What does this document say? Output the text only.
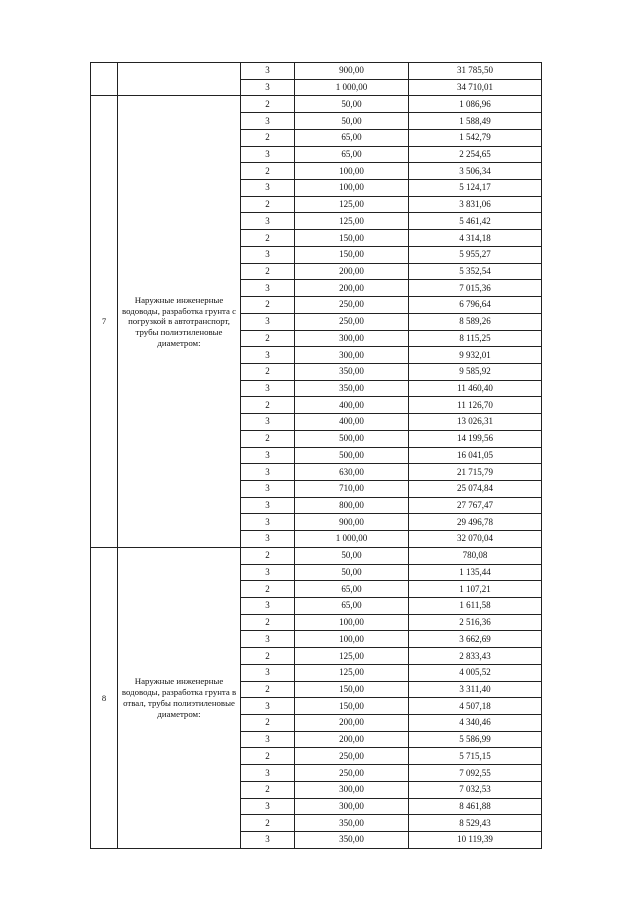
		3	900,00	31 785,50
		3	1 000,00	34 710,01
7	Наружные инженерные водоводы, разработка грунта с погрузкой в автотранспорт, трубы полиэтиленовые диаметром:	2	50,00	1 086,96
		3	50,00	1 588,49
		2	65,00	1 542,79
		3	65,00	2 254,65
		2	100,00	3 506,34
		3	100,00	5 124,17
		2	125,00	3 831,06
		3	125,00	5 461,42
		2	150,00	4 314,18
		3	150,00	5 955,27
		2	200,00	5 352,54
		3	200,00	7 015,36
		2	250,00	6 796,64
		3	250,00	8 589,26
		2	300,00	8 115,25
		3	300,00	9 932,01
		2	350,00	9 585,92
		3	350,00	11 460,40
		2	400,00	11 126,70
		3	400,00	13 026,31
		2	500,00	14 199,56
		3	500,00	16 041,05
		3	630,00	21 715,79
		3	710,00	25 074,84
		3	800,00	27 767,47
		3	900,00	29 496,78
		3	1 000,00	32 070,04
8	Наружные инженерные водоводы, разработка грунта в отвал, трубы полиэтиленовые диаметром:	2	50,00	780,08
		3	50,00	1 135,44
		2	65,00	1 107,21
		3	65,00	1 611,58
		2	100,00	2 516,36
		3	100,00	3 662,69
		2	125,00	2 833,43
		3	125,00	4 005,52
		2	150,00	3 311,40
		3	150,00	4 507,18
		2	200,00	4 340,46
		3	200,00	5 586,99
		2	250,00	5 715,15
		3	250,00	7 092,55
		2	300,00	7 032,53
		3	300,00	8 461,88
		2	350,00	8 529,43
		3	350,00	10 119,39
